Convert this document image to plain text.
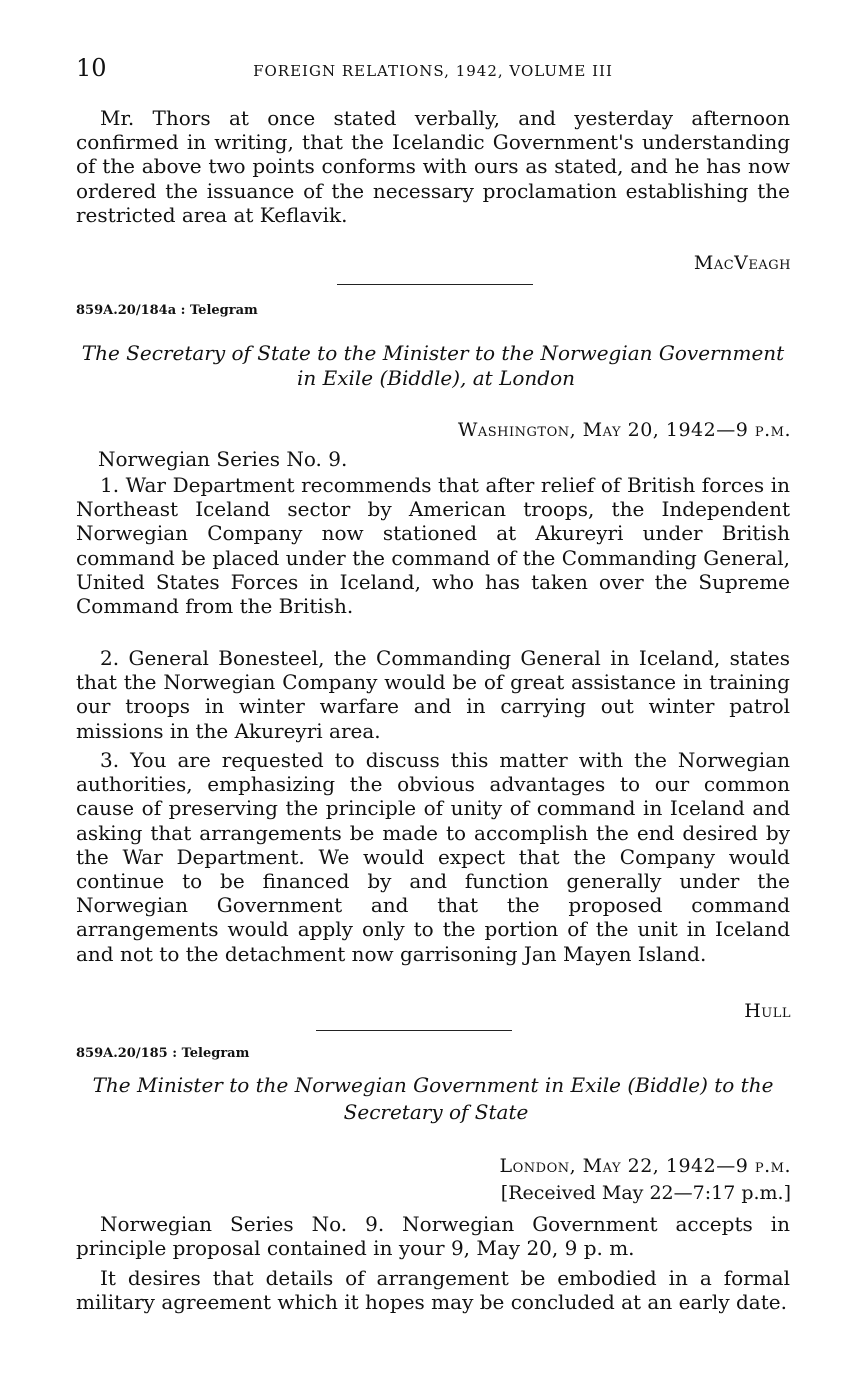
10	FOREIGN RELATIONS, 1942, VOLUME III

Mr. Thors at once stated verbally, and yesterday afternoon confirmed in writing, that the Icelandic Government's understanding of the above two points conforms with ours as stated, and he has now ordered the issuance of the necessary proclamation establishing the restricted area at Keflavik.

MacVeagh

859A.20/184a : Telegram

The Secretary of State to the Minister to the Norwegian Government

in Exile (Biddle), at London

Washington, May 20, 1942—9 p.m.

Norwegian Series No. 9.

1. War Department recommends that after relief of British forces in Northeast Iceland sector by American troops, the Independent Norwegian Company now stationed at Akureyri under British command be placed under the command of the Commanding General, United States Forces in Iceland, who has taken over the Supreme Command from the British.

2. General Bonesteel, the Commanding General in Iceland, states that the Norwegian Company would be of great assistance in training our troops in winter warfare and in carrying out winter patrol missions in the Akureyri area.

3. You are requested to discuss this matter with the Norwegian authorities, emphasizing the obvious advantages to our common cause of preserving the principle of unity of command in Iceland and asking that arrangements be made to accomplish the end desired by the War Department. We would expect that the Company would continue to be financed by and function generally under the Norwegian Government and that the proposed command arrangements would apply only to the portion of the unit in Iceland and not to the detachment now garrisoning Jan Mayen Island.

Hull

859A.20/185 : Telegram

The Minister to the Norwegian Government in Exile (Biddle) to the

Secretary of State

London, May 22, 1942—9 p.m.

[Received May 22—7:17 p.m.]

Norwegian Series No. 9. Norwegian Government accepts in principle proposal contained in your 9, May 20, 9 p. m.

It desires that details of arrangement be embodied in a formal military agreement which it hopes may be concluded at an early date.
